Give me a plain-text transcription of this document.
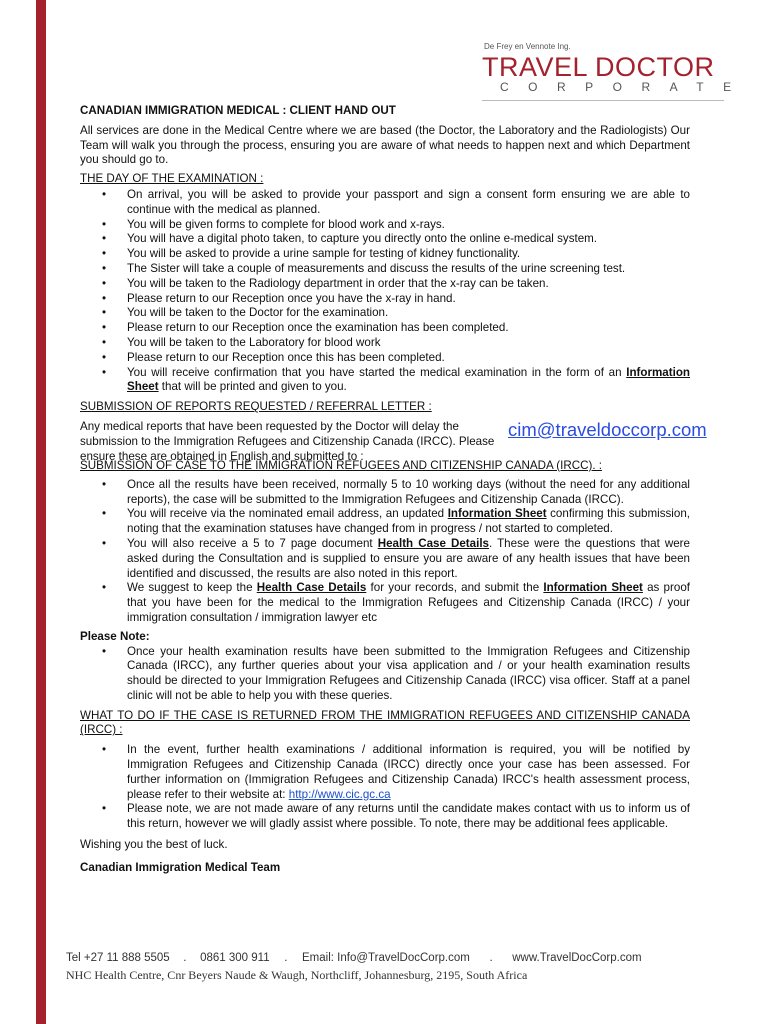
De Frey en Vennote Ing.
TRAVEL DOCTOR
CORPORATE

CANADIAN IMMIGRATION MEDICAL : CLIENT HAND OUT

All services are done in the Medical Centre where we are based (the Doctor, the Laboratory and the Radiologists) Our Team will walk you through the process, ensuring you are aware of what needs to happen next and which Department you should go to.

THE DAY OF THE EXAMINATION :

• On arrival, you will be asked to provide your passport and sign a consent form ensuring we are able to continue with the medical as planned.
• You will be given forms to complete for blood work and x-rays.
• You will have a digital photo taken, to capture you directly onto the online e-medical system.
• You will be asked to provide a urine sample for testing of kidney functionality.
• The Sister will take a couple of measurements and discuss the results of the urine screening test.
• You will be taken to the Radiology department in order that the x-ray can be taken.
• Please return to our Reception once you have the x-ray in hand.
• You will be taken to the Doctor for the examination.
• Please return to our Reception once the examination has been completed.
• You will be taken to the Laboratory for blood work
• Please return to our Reception once this has been completed.
• You will receive confirmation that you have started the medical examination in the form of an Information Sheet that will be printed and given to you.

SUBMISSION OF REPORTS REQUESTED / REFERRAL LETTER :

Any medical reports that have been requested by the Doctor will delay the submission to the Immigration Refugees and Citizenship Canada (IRCC). Please ensure these are obtained in English and submitted to :

cim@traveldoccorp.com

SUBMISSION OF CASE TO THE IMMIGRATION REFUGEES AND CITIZENSHIP CANADA (IRCC). :

• Once all the results have been received, normally 5 to 10 working days (without the need for any additional reports), the case will be submitted to the Immigration Refugees and Citizenship Canada (IRCC).
• You will receive via the nominated email address, an updated Information Sheet confirming this submission, noting that the examination statuses have changed from in progress / not started to completed.
• You will also receive a 5 to 7 page document Health Case Details. These were the questions that were asked during the Consultation and is supplied to ensure you are aware of any health issues that have been identified and discussed, the results are also noted in this report.
• We suggest to keep the Health Case Details for your records, and submit the Information Sheet as proof that you have been for the medical to the Immigration Refugees and Citizenship Canada (IRCC) / your immigration consultation / immigration lawyer etc

Please Note:

• Once your health examination results have been submitted to the Immigration Refugees and Citizenship Canada (IRCC), any further queries about your visa application and / or your health examination results should be directed to your Immigration Refugees and Citizenship Canada (IRCC) visa officer. Staff at a panel clinic will not be able to help you with these queries.

WHAT TO DO IF THE CASE IS RETURNED FROM THE IMMIGRATION REFUGEES AND CITIZENSHIP CANADA (IRCC) :

• In the event, further health examinations / additional information is required, you will be notified by Immigration Refugees and Citizenship Canada (IRCC) directly once your case has been assessed. For further information on (Immigration Refugees and Citizenship Canada) IRCC's health assessment process, please refer to their website at: http://www.cic.gc.ca
• Please note, we are not made aware of any returns until the candidate makes contact with us to inform us of this return, however we will gladly assist where possible. To note, there may be additional fees applicable.

Wishing you the best of luck.

Canadian Immigration Medical Team

Tel +27 11 888 5505 . 0861 300 911 . Email: Info@TravelDocCorp.com . www.TravelDocCorp.com
NHC Health Centre, Cnr Beyers Naude & Waugh, Northcliff, Johannesburg, 2195, South Africa
